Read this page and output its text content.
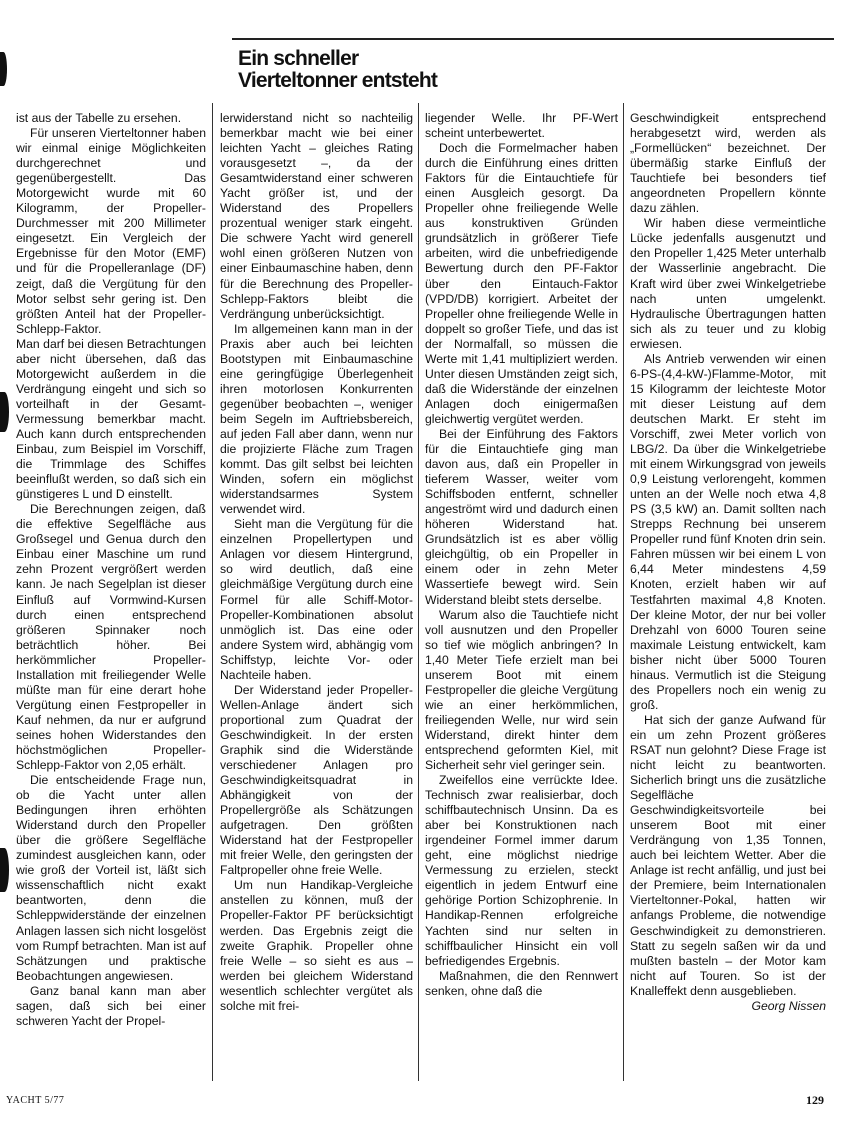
Ein schneller
Vierteltonner entsteht

ist aus der Tabelle zu ersehen.

Für unseren Vierteltonner haben wir einmal einige Möglichkeiten durchgerechnet und gegenübergestellt. Das Motorgewicht wurde mit 60 Kilogramm, der Propeller-Durchmesser mit 200 Millimeter eingesetzt. Ein Vergleich der Ergebnisse für den Motor (EMF) und für die Propelleranlage (DF) zeigt, daß die Vergütung für den Motor selbst sehr gering ist. Den größten Anteil hat der Propeller-Schlepp-Faktor.

Man darf bei diesen Betrachtungen aber nicht übersehen, daß das Motorgewicht außerdem in die Verdrängung eingeht und sich so vorteilhaft in der Gesamt-Vermessung bemerkbar macht. Auch kann durch entsprechenden Einbau, zum Beispiel im Vorschiff, die Trimmlage des Schiffes beeinflußt werden, so daß sich ein günstigeres L und D einstellt.

Die Berechnungen zeigen, daß die effektive Segelfläche aus Großsegel und Genua durch den Einbau einer Maschine um rund zehn Prozent vergrößert werden kann. Je nach Segelplan ist dieser Einfluß auf Vormwind-Kursen durch einen entsprechend größeren Spinnaker noch beträchtlich höher. Bei herkömmlicher Propeller-Installation mit freiliegender Welle müßte man für eine derart hohe Vergütung einen Festpropeller in Kauf nehmen, da nur er aufgrund seines hohen Widerstandes den höchstmöglichen Propeller-Schlepp-Faktor von 2,05 erhält.

Die entscheidende Frage nun, ob die Yacht unter allen Bedingungen ihren erhöhten Widerstand durch den Propeller über die größere Segelfläche zumindest ausgleichen kann, oder wie groß der Vorteil ist, läßt sich wissenschaftlich nicht exakt beantworten, denn die Schleppwiderstände der einzelnen Anlagen lassen sich nicht losgelöst vom Rumpf betrachten. Man ist auf Schätzungen und praktische Beobachtungen angewiesen.

Ganz banal kann man aber sagen, daß sich bei einer schweren Yacht der Propel-

lerwiderstand nicht so nachteilig bemerkbar macht wie bei einer leichten Yacht – gleiches Rating vorausgesetzt –, da der Gesamtwiderstand einer schweren Yacht größer ist, und der Widerstand des Propellers prozentual weniger stark eingeht. Die schwere Yacht wird generell wohl einen größeren Nutzen von einer Einbaumaschine haben, denn für die Berechnung des Propeller-Schlepp-Faktors bleibt die Verdrängung unberücksichtigt.

Im allgemeinen kann man in der Praxis aber auch bei leichten Bootstypen mit Einbaumaschine eine geringfügige Überlegenheit ihren motorlosen Konkurrenten gegenüber beobachten –, weniger beim Segeln im Auftriebsbereich, auf jeden Fall aber dann, wenn nur die projizierte Fläche zum Tragen kommt. Das gilt selbst bei leichten Winden, sofern ein möglichst widerstandsarmes System verwendet wird.

Sieht man die Vergütung für die einzelnen Propellertypen und Anlagen vor diesem Hintergrund, so wird deutlich, daß eine gleichmäßige Vergütung durch eine Formel für alle Schiff-Motor-Propeller-Kombinationen absolut unmöglich ist. Das eine oder andere System wird, abhängig vom Schiffstyp, leichte Vor- oder Nachteile haben.

Der Widerstand jeder Propeller-Wellen-Anlage ändert sich proportional zum Quadrat der Geschwindigkeit. In der ersten Graphik sind die Widerstände verschiedener Anlagen pro Geschwindigkeitsquadrat in Abhängigkeit von der Propellergröße als Schätzungen aufgetragen. Den größten Widerstand hat der Festpropeller mit freier Welle, den geringsten der Faltpropeller ohne freie Welle.

Um nun Handikap-Vergleiche anstellen zu können, muß der Propeller-Faktor PF berücksichtigt werden. Das Ergebnis zeigt die zweite Graphik. Propeller ohne freie Welle – so sieht es aus – werden bei gleichem Widerstand wesentlich schlechter vergütet als solche mit frei-

liegender Welle. Ihr PF-Wert scheint unterbewertet.

Doch die Formelmacher haben durch die Einführung eines dritten Faktors für die Eintauchtiefe für einen Ausgleich gesorgt. Da Propeller ohne freiliegende Welle aus konstruktiven Gründen grundsätzlich in größerer Tiefe arbeiten, wird die unbefriedigende Bewertung durch den PF-Faktor über den Eintauch-Faktor (VPD/DB) korrigiert. Arbeitet der Propeller ohne freiliegende Welle in doppelt so großer Tiefe, und das ist der Normalfall, so müssen die Werte mit 1,41 multipliziert werden. Unter diesen Umständen zeigt sich, daß die Widerstände der einzelnen Anlagen doch einigermaßen gleichwertig vergütet werden.

Bei der Einführung des Faktors für die Eintauchtiefe ging man davon aus, daß ein Propeller in tieferem Wasser, weiter vom Schiffsboden entfernt, schneller angeströmt wird und dadurch einen höheren Widerstand hat. Grundsätzlich ist es aber völlig gleichgültig, ob ein Propeller in einem oder in zehn Meter Wassertiefe bewegt wird. Sein Widerstand bleibt stets derselbe.

Warum also die Tauchtiefe nicht voll ausnutzen und den Propeller so tief wie möglich anbringen? In 1,40 Meter Tiefe erzielt man bei unserem Boot mit einem Festpropeller die gleiche Vergütung wie an einer herkömmlichen, freiliegenden Welle, nur wird sein Widerstand, direkt hinter dem entsprechend geformten Kiel, mit Sicherheit sehr viel geringer sein.

Zweifellos eine verrückte Idee. Technisch zwar realisierbar, doch schiffbautechnisch Unsinn. Da es aber bei Konstruktionen nach irgendeiner Formel immer darum geht, eine möglichst niedrige Vermessung zu erzielen, steckt eigentlich in jedem Entwurf eine gehörige Portion Schizophrenie. In Handikap-Rennen erfolgreiche Yachten sind nur selten in schiffbaulicher Hinsicht ein voll befriedigendes Ergebnis.

Maßnahmen, die den Rennwert senken, ohne daß die

Geschwindigkeit entsprechend herabgesetzt wird, werden als „Formellücken“ bezeichnet. Der übermäßig starke Einfluß der Tauchtiefe bei besonders tief angeordneten Propellern könnte dazu zählen.

Wir haben diese vermeintliche Lücke jedenfalls ausgenutzt und den Propeller 1,425 Meter unterhalb der Wasserlinie angebracht. Die Kraft wird über zwei Winkelgetriebe nach unten umgelenkt. Hydraulische Übertragungen hatten sich als zu teuer und zu klobig erwiesen.

Als Antrieb verwenden wir einen 6-PS-(4,4-kW-)Flamme-Motor, mit 15 Kilogramm der leichteste Motor mit dieser Leistung auf dem deutschen Markt. Er steht im Vorschiff, zwei Meter vorlich von LBG/2. Da über die Winkelgetriebe mit einem Wirkungsgrad von jeweils 0,9 Leistung verlorengeht, kommen unten an der Welle noch etwa 4,8 PS (3,5 kW) an. Damit sollten nach Strepps Rechnung bei unserem Propeller rund fünf Knoten drin sein. Fahren müssen wir bei einem L von 6,44 Meter mindestens 4,59 Knoten, erzielt haben wir auf Testfahrten maximal 4,8 Knoten. Der kleine Motor, der nur bei voller Drehzahl von 6000 Touren seine maximale Leistung entwickelt, kam bisher nicht über 5000 Touren hinaus. Vermutlich ist die Steigung des Propellers noch ein wenig zu groß.

Hat sich der ganze Aufwand für ein um zehn Prozent größeres RSAT nun gelohnt? Diese Frage ist nicht leicht zu beantworten. Sicherlich bringt uns die zusätzliche Segelfläche Geschwindigkeitsvorteile bei unserem Boot mit einer Verdrängung von 1,35 Tonnen, auch bei leichtem Wetter. Aber die Anlage ist recht anfällig, und just bei der Premiere, beim Internationalen Vierteltonner-Pokal, hatten wir anfangs Probleme, die notwendige Geschwindigkeit zu demonstrieren. Statt zu segeln saßen wir da und mußten basteln – der Motor kam nicht auf Touren. So ist der Knalleffekt denn ausgeblieben.
Georg Nissen

YACHT 5/77	129
